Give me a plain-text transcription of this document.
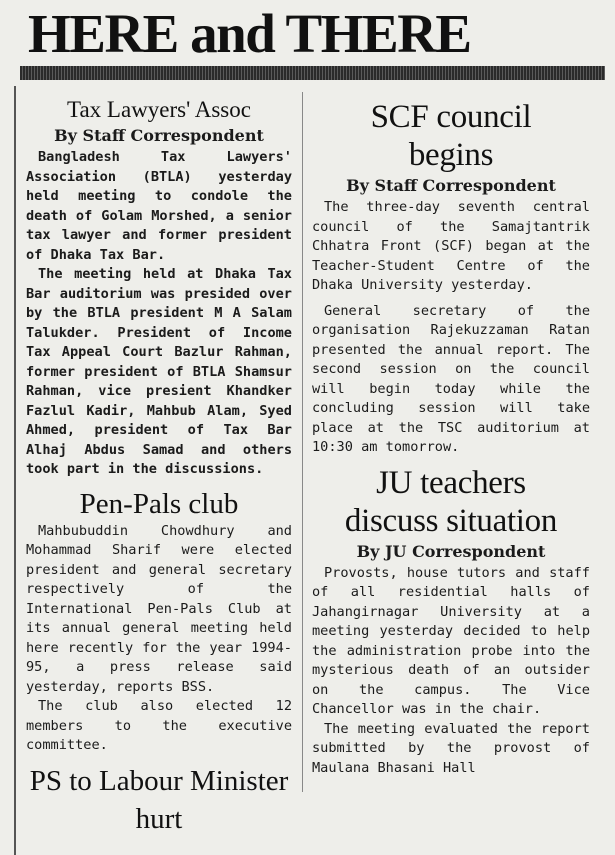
HERE and THERE
Tax Lawyers' Assoc

By Staff Correspondent

Bangladesh Tax Lawyers' Association (BTLA) yesterday held meeting to condole the death of Golam Morshed, a senior tax lawyer and former president of Dhaka Tax Bar.

The meeting held at Dhaka Tax Bar auditorium was presided over by the BTLA president M A Salam Talukder. President of Income Tax Appeal Court Bazlur Rahman, former president of BTLA Shamsur Rahman, vice presient Khandker Fazlul Kadir, Mahbub Alam, Syed Ahmed, president of Tax Bar Alhaj Abdus Samad and others took part in the discussions.

Pen-Pals club

Mahbubuddin Chowdhury and Mohammad Sharif were elected president and general secretary respectively of the International Pen-Pals Club at its annual general meeting held here recently for the year 1994-95, a press release said yesterday, reports BSS.

The club also elected 12 members to the executive committee.

PS to Labour Minister hurt
SCF council
begins

By Staff Correspondent

The three-day seventh central council of the Samajtantrik Chhatra Front (SCF) began at the Teacher-Student Centre of the Dhaka University yesterday.

General secretary of the organisation Rajekuzzaman Ratan presented the annual report. The second session on the council will begin today while the concluding session will take place at the TSC auditorium at 10:30 am tomorrow.

JU teachers
discuss situation

By JU Correspondent

Provosts, house tutors and staff of all residential halls of Jahangirnagar University at a meeting yesterday decided to help the administration probe into the mysterious death of an outsider on the campus. The Vice Chancellor was in the chair.

The meeting evaluated the report submitted by the provost of Maulana Bhasani Hall
